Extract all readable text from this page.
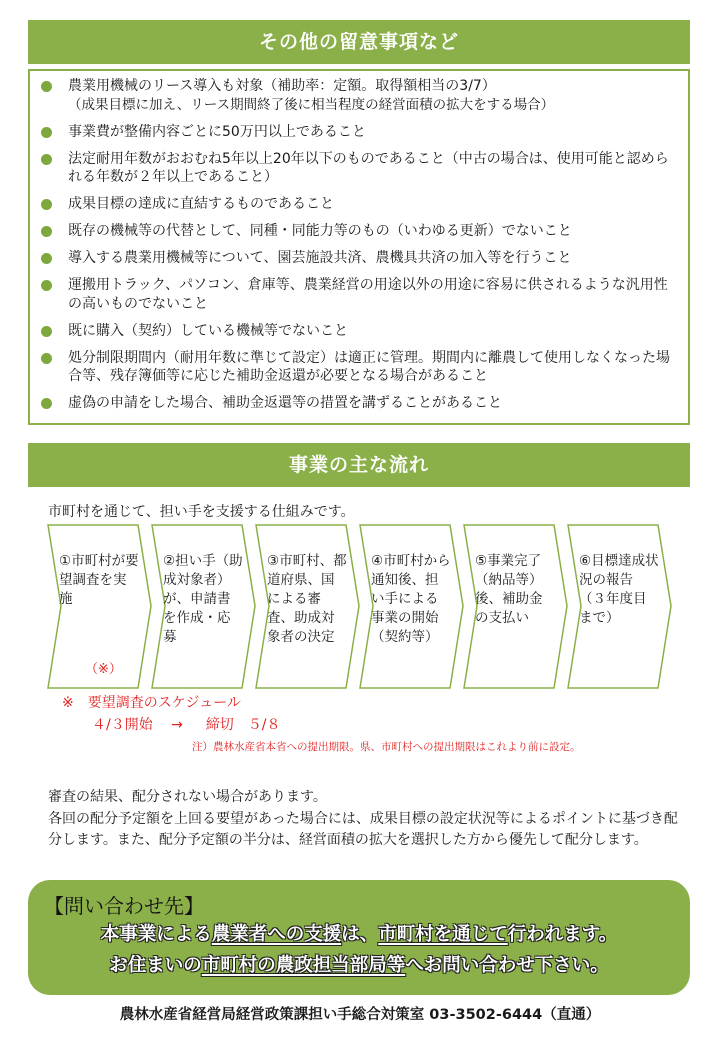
その他の留意事項など
農業用機械のリース導入も対象（補助率：定額。取得額相当の3/7）
（成果目標に加え、リース期間終了後に相当程度の経営面積の拡大をする場合）
事業費が整備内容ごとに50万円以上であること
法定耐用年数がおおむね5年以上20年以下のものであること（中古の場合は、使用可能と認められる年数が２年以上であること）
成果目標の達成に直結するものであること
既存の機械等の代替として、同種・同能力等のもの（いわゆる更新）でないこと
導入する農業用機械等について、園芸施設共済、農機具共済の加入等を行うこと
運搬用トラック、パソコン、倉庫等、農業経営の用途以外の用途に容易に供されるような汎用性の高いものでないこと
既に購入（契約）している機械等でないこと
処分制限期間内（耐用年数に準じて設定）は適正に管理。期間内に離農して使用しなくなった場合等、残存簿価等に応じた補助金返還が必要となる場合があること
虚偽の申請をした場合、補助金返還等の措置を講ずることがあること
事業の主な流れ
市町村を通じて、担い手を支援する仕組みです。
①市町村が要望調査を実施
（※）
②担い手（助成対象者）が、申請書を作成・応募
③市町村、都道府県、国による審査、助成対象者の決定
④市町村から通知後、担い手による事業の開始（契約等）
⑤事業完了（納品等）後、補助金の支払い
⑥目標達成状況の報告（３年度目まで）
※　要望調査のスケジュール
４/３開始　 →　  締切　５/８
注）農林水産省本省への提出期限。県、市町村への提出期限はこれより前に設定。
審査の結果、配分されない場合があります。
各回の配分予定額を上回る要望があった場合には、成果目標の設定状況等によるポイントに基づき配分します。また、配分予定額の半分は、経営面積の拡大を選択した方から優先して配分します。
【問い合わせ先】
本事業による農業者への支援は、市町村を通じて行われます。
お住まいの市町村の農政担当部局等へお問い合わせ下さい。
農林水産省経営局経営政策課担い手総合対策室 03-3502-6444（直通）
